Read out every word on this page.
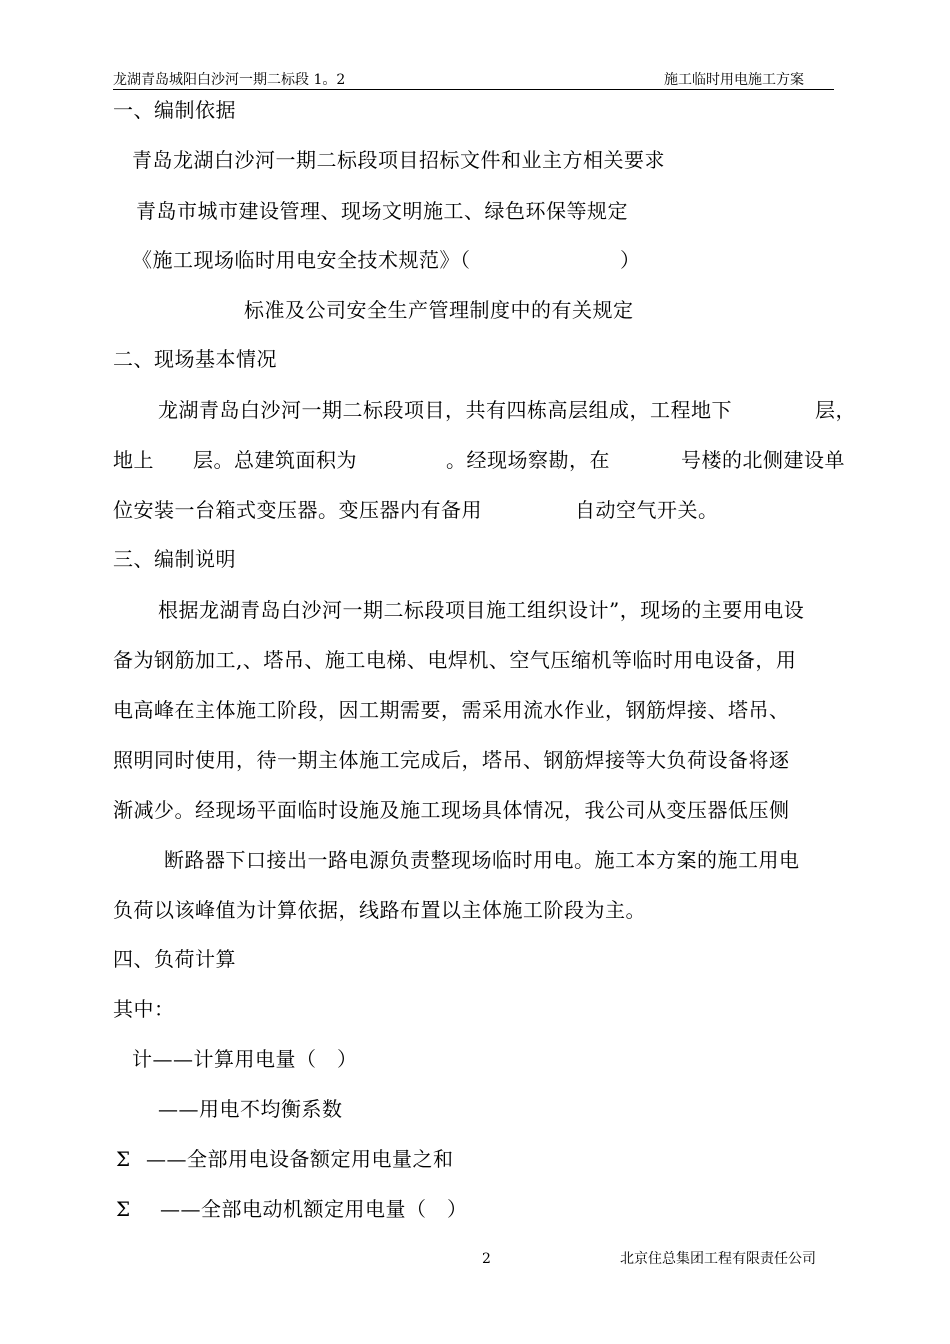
龙湖青岛城阳白沙河一期二标段 1。2	施工临时用电施工方案
一、编制依据
青岛龙湖白沙河一期二标段项目招标文件和业主方相关要求
青岛市城市建设管理、现场文明施工、绿色环保等规定
《施工现场临时用电安全技术规范》（	）
标准及公司安全生产管理制度中的有关规定
二、现场基本情况
龙湖青岛白沙河一期二标段项目，共有四栋高层组成，工程地下	层，
地上 层。总建筑面积为	。经现场察勘，在	号楼的北侧建设单
位安装一台箱式变压器。变压器内有备用	自动空气开关。
三、编制说明
根据龙湖青岛白沙河一期二标段项目施工组织设计”，现场的主要用电设
备为钢筋加工,、塔吊、施工电梯、电焊机、空气压缩机等临时用电设备，用
电高峰在主体施工阶段，因工期需要，需采用流水作业，钢筋焊接、塔吊、
照明同时使用，待一期主体施工完成后，塔吊、钢筋焊接等大负荷设备将逐
渐减少。经现场平面临时设施及施工现场具体情况，我公司从变压器低压侧
断路器下口接出一路电源负责整现场临时用电。施工本方案的施工用电
负荷以该峰值为计算依据，线路布置以主体施工阶段为主。
四、负荷计算
其中：
计——计算用电量（　）
——用电不均衡系数
Σ ——全部用电设备额定用电量之和
Σ ——全部电动机额定用电量（　）
2	北京住总集团工程有限责任公司
